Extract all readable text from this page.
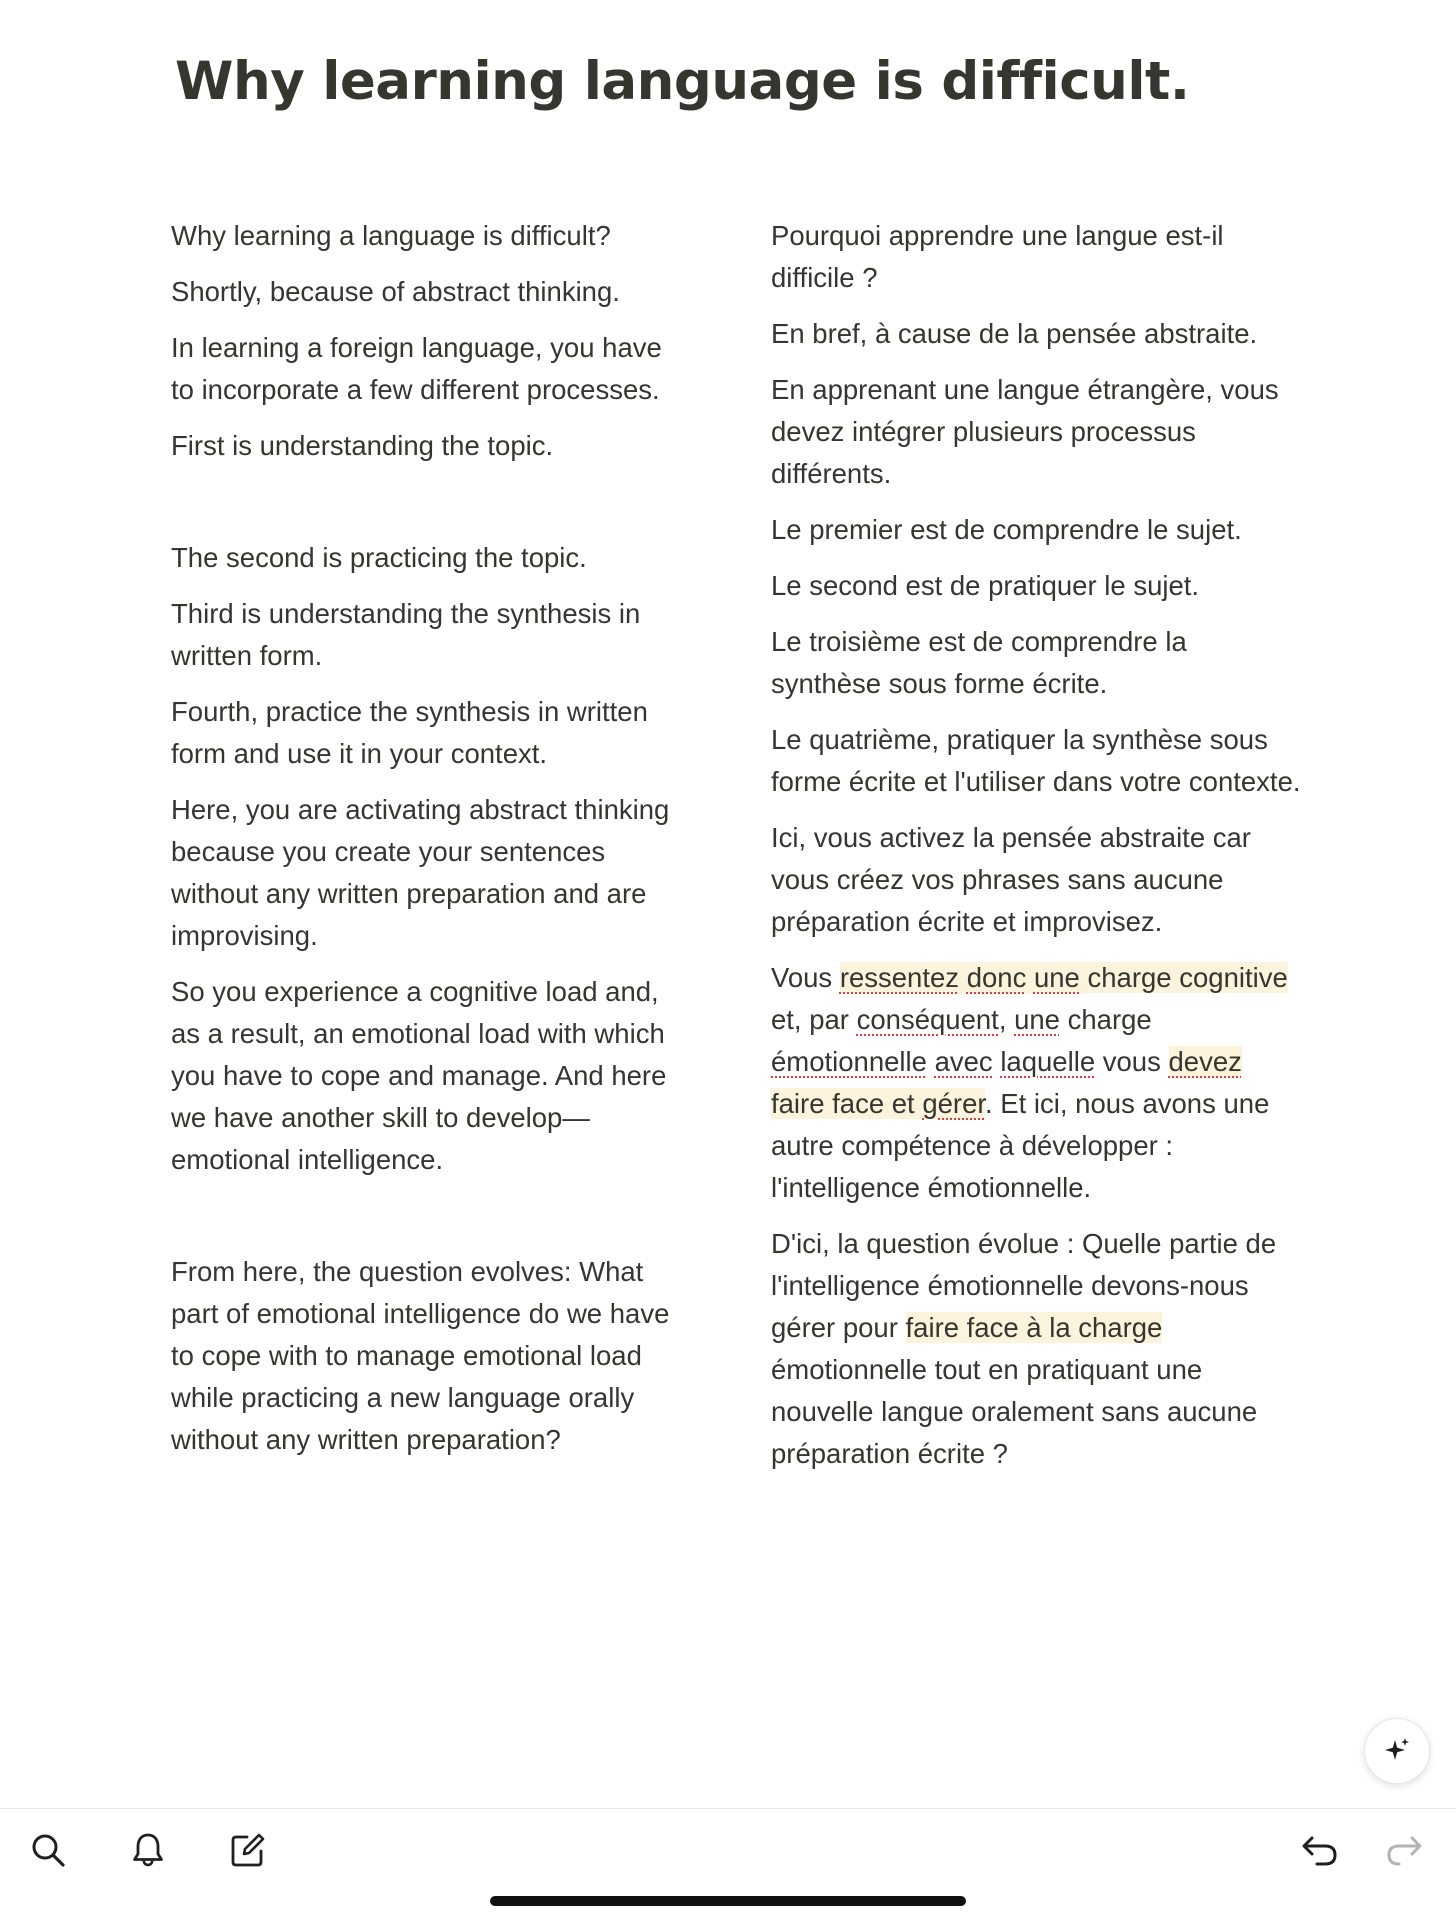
Why learning language is difficult.

Why learning a language is difficult?

Shortly, because of abstract thinking.

In learning a foreign language, you have to incorporate a few different processes.

First is understanding the topic.

The second is practicing the topic.

Third is understanding the synthesis in written form.

Fourth, practice the synthesis in written form and use it in your context.

Here, you are activating abstract thinking because you create your sentences without any written preparation and are improvising.

So you experience a cognitive load and, as a result, an emotional load with which you have to cope and manage. And here we have another skill to develop— emotional intelligence.

From here, the question evolves: What part of emotional intelligence do we have to cope with to manage emotional load while practicing a new language orally without any written preparation?

Pourquoi apprendre une langue est-il difficile ?

En bref, à cause de la pensée abstraite.

En apprenant une langue étrangère, vous devez intégrer plusieurs processus différents.

Le premier est de comprendre le sujet.

Le second est de pratiquer le sujet.

Le troisième est de comprendre la synthèse sous forme écrite.

Le quatrième, pratiquer la synthèse sous forme écrite et l'utiliser dans votre contexte.

Ici, vous activez la pensée abstraite car vous créez vos phrases sans aucune préparation écrite et improvisez.

Vous ressentez donc une charge cognitive et, par conséquent, une charge émotionnelle avec laquelle vous devez faire face et gérer. Et ici, nous avons une autre compétence à développer : l'intelligence émotionnelle.

D'ici, la question évolue : Quelle partie de l'intelligence émotionnelle devons-nous gérer pour faire face à la charge émotionnelle tout en pratiquant une nouvelle langue oralement sans aucune préparation écrite ?
